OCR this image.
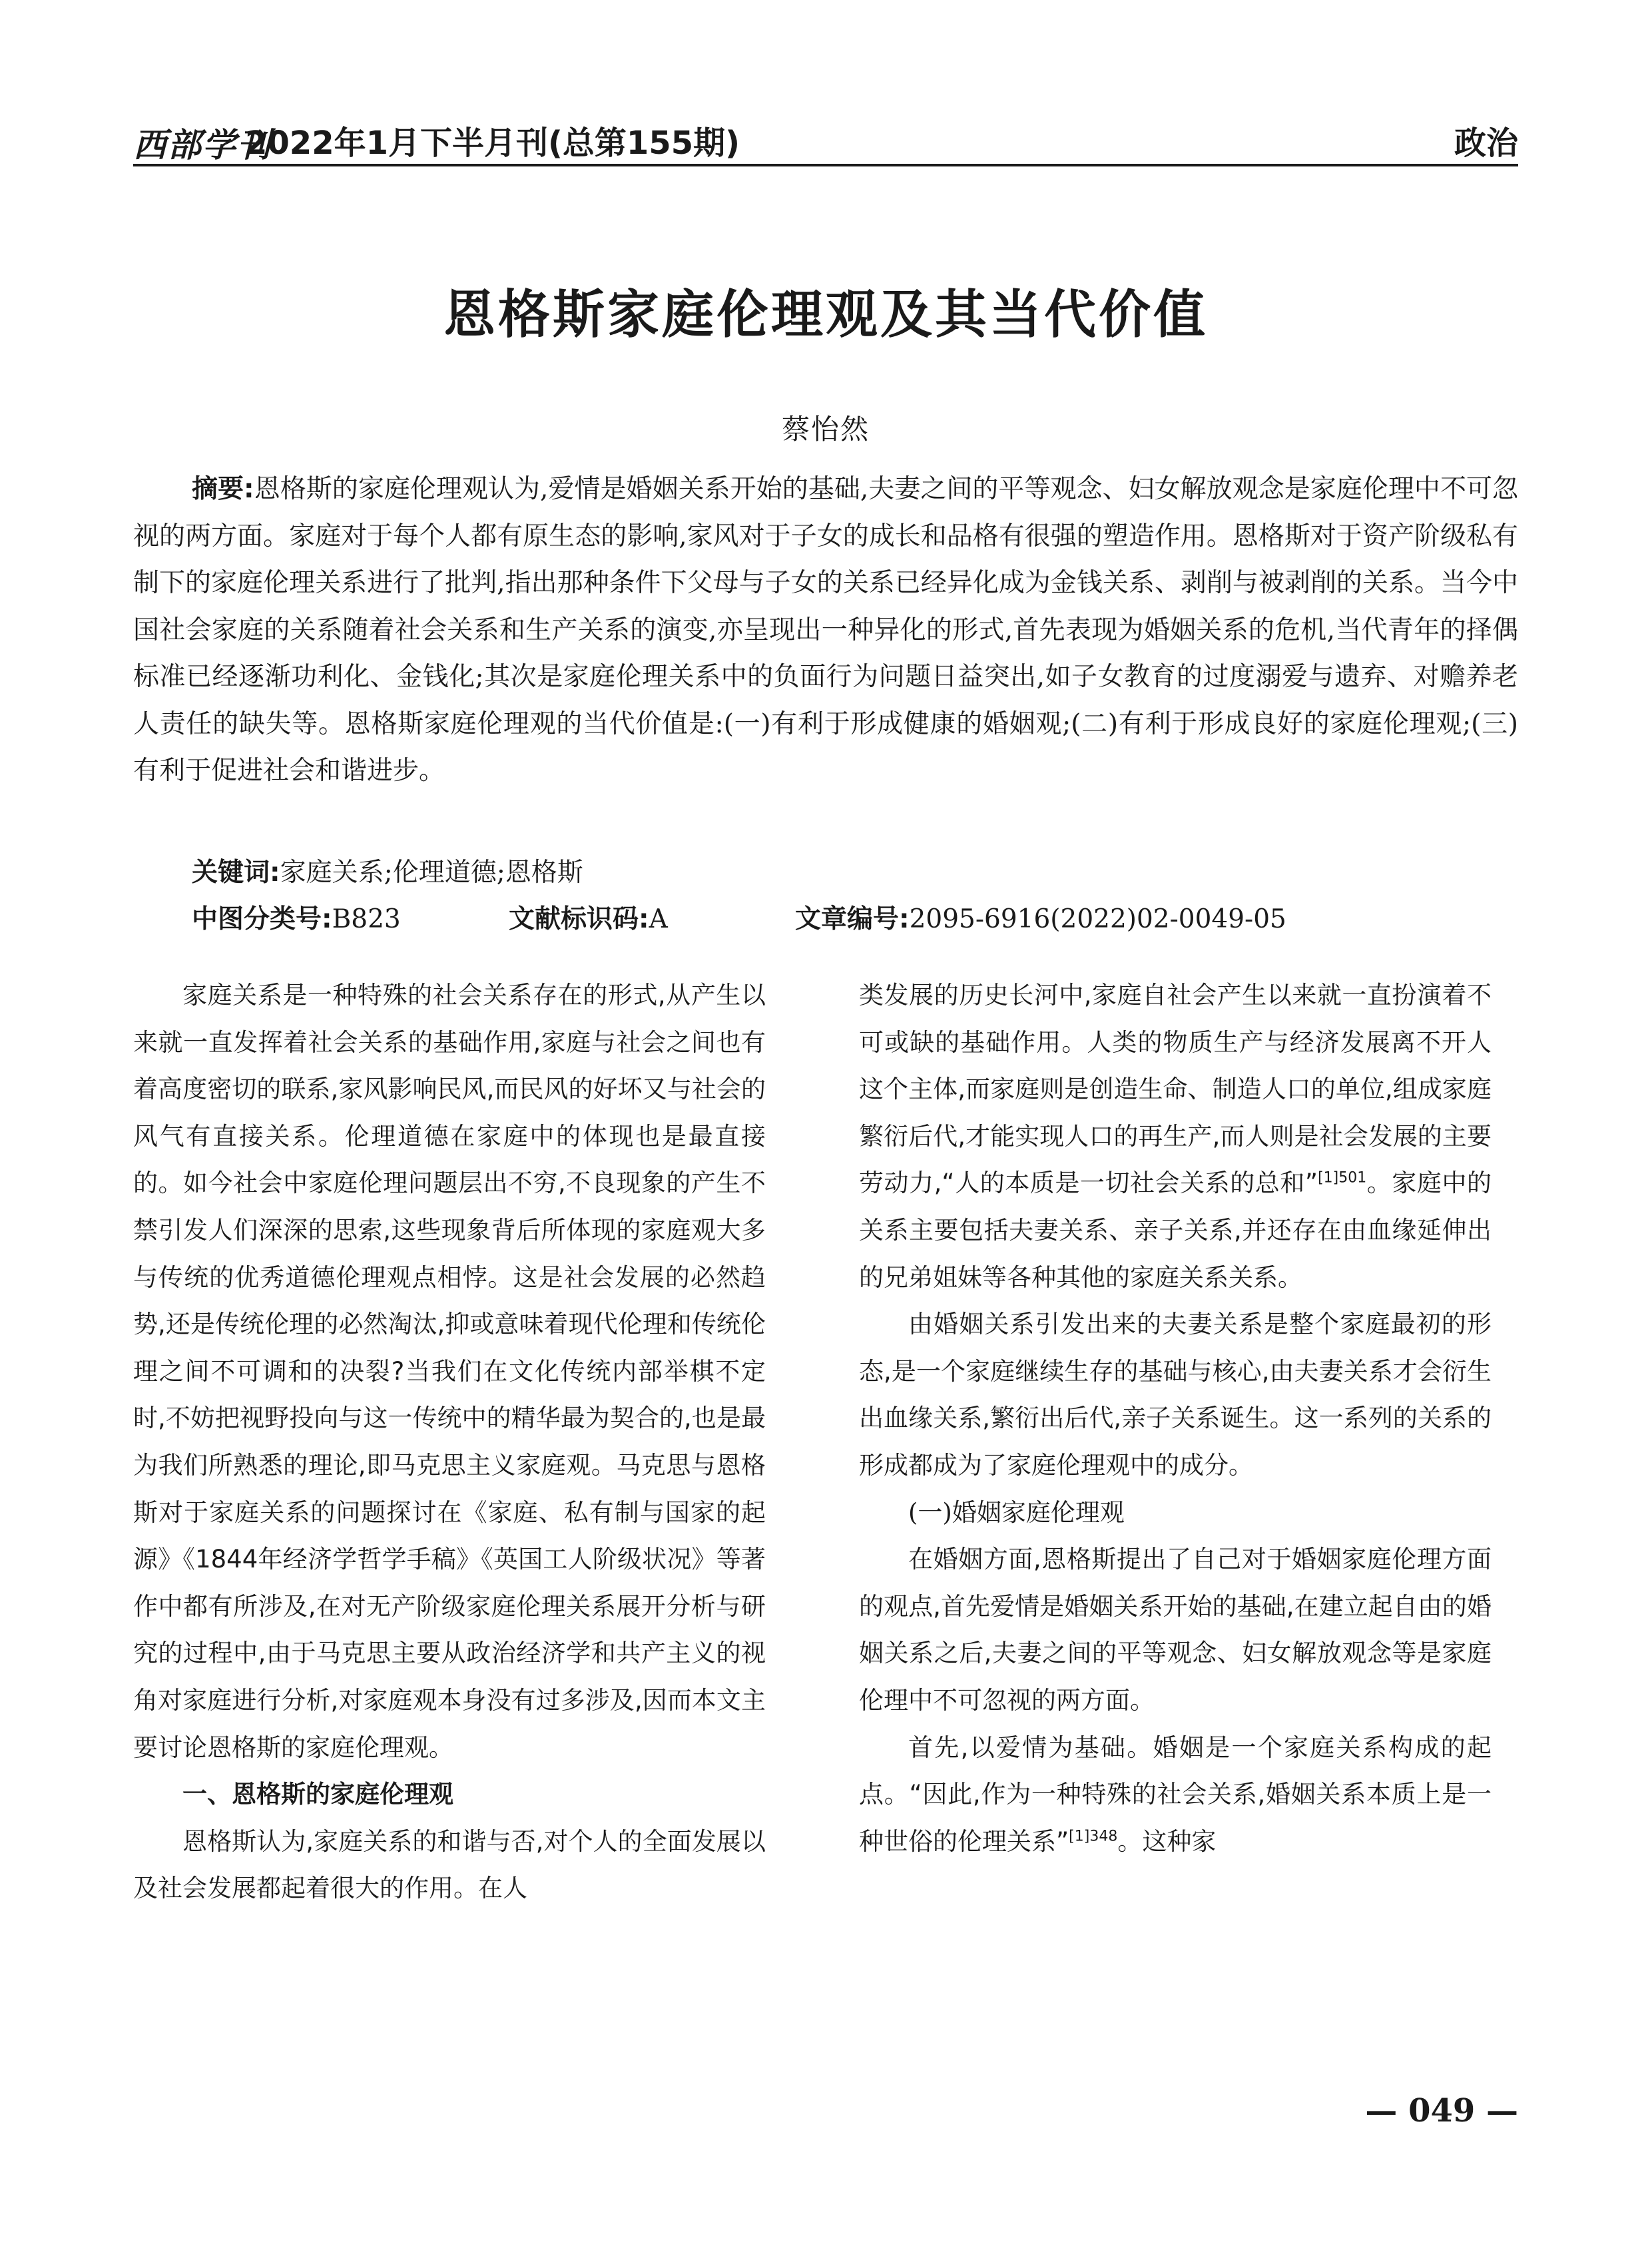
西部学刊
2022年1月下半月刊(总第155期)	政治
恩格斯家庭伦理观及其当代价值
蔡怡然
摘要:恩格斯的家庭伦理观认为,爱情是婚姻关系开始的基础,夫妻之间的平等观念、妇女解放观念是家庭伦理中不可忽视的两方面。家庭对于每个人都有原生态的影响,家风对于子女的成长和品格有很强的塑造作用。恩格斯对于资产阶级私有制下的家庭伦理关系进行了批判,指出那种条件下父母与子女的关系已经异化成为金钱关系、剥削与被剥削的关系。当今中国社会家庭的关系随着社会关系和生产关系的演变,亦呈现出一种异化的形式,首先表现为婚姻关系的危机,当代青年的择偶标准已经逐渐功利化、金钱化;其次是家庭伦理关系中的负面行为问题日益突出,如子女教育的过度溺爱与遗弃、对赡养老人责任的缺失等。恩格斯家庭伦理观的当代价值是:(一)有利于形成健康的婚姻观;(二)有利于形成良好的家庭伦理观;(三)有利于促进社会和谐进步。
关键词:家庭关系;伦理道德;恩格斯
中图分类号:B823	文献标识码:A	文章编号:2095-6916(2022)02-0049-05

家庭关系是一种特殊的社会关系存在的形式,从产生以来就一直发挥着社会关系的基础作用,家庭与社会之间也有着高度密切的联系,家风影响民风,而民风的好坏又与社会的风气有直接关系。伦理道德在家庭中的体现也是最直接的。如今社会中家庭伦理问题层出不穷,不良现象的产生不禁引发人们深深的思索,这些现象背后所体现的家庭观大多与传统的优秀道德伦理观点相悖。这是社会发展的必然趋势,还是传统伦理的必然淘汰,抑或意味着现代伦理和传统伦理之间不可调和的决裂?当我们在文化传统内部举棋不定时,不妨把视野投向与这一传统中的精华最为契合的,也是最为我们所熟悉的理论,即马克思主义家庭观。马克思与恩格斯对于家庭关系的问题探讨在《家庭、私有制与国家的起源》《1844年经济学哲学手稿》《英国工人阶级状况》等著作中都有所涉及,在对无产阶级家庭伦理关系展开分析与研究的过程中,由于马克思主要从政治经济学和共产主义的视角对家庭进行分析,对家庭观本身没有过多涉及,因而本文主要讨论恩格斯的家庭伦理观。

一、恩格斯的家庭伦理观

恩格斯认为,家庭关系的和谐与否,对个人的全面发展以及社会发展都起着很大的作用。在人

类发展的历史长河中,家庭自社会产生以来就一直扮演着不可或缺的基础作用。人类的物质生产与经济发展离不开人这个主体,而家庭则是创造生命、制造人口的单位,组成家庭繁衍后代,才能实现人口的再生产,而人则是社会发展的主要劳动力,“人的本质是一切社会关系的总和”$^{[1]501}$。家庭中的关系主要包括夫妻关系、亲子关系,并还存在由血缘延伸出的兄弟姐妹等各种其他的家庭关系关系。

由婚姻关系引发出来的夫妻关系是整个家庭最初的形态,是一个家庭继续生存的基础与核心,由夫妻关系才会衍生出血缘关系,繁衍出后代,亲子关系诞生。这一系列的关系的形成都成为了家庭伦理观中的成分。

(一)婚姻家庭伦理观

在婚姻方面,恩格斯提出了自己对于婚姻家庭伦理方面的观点,首先爱情是婚姻关系开始的基础,在建立起自由的婚姻关系之后,夫妻之间的平等观念、妇女解放观念等是家庭伦理中不可忽视的两方面。

首先,以爱情为基础。婚姻是一个家庭关系构成的起点。“因此,作为一种特殊的社会关系,婚姻关系本质上是一种世俗的伦理关系”$^{[1]348}$。这种家

— 049 —
